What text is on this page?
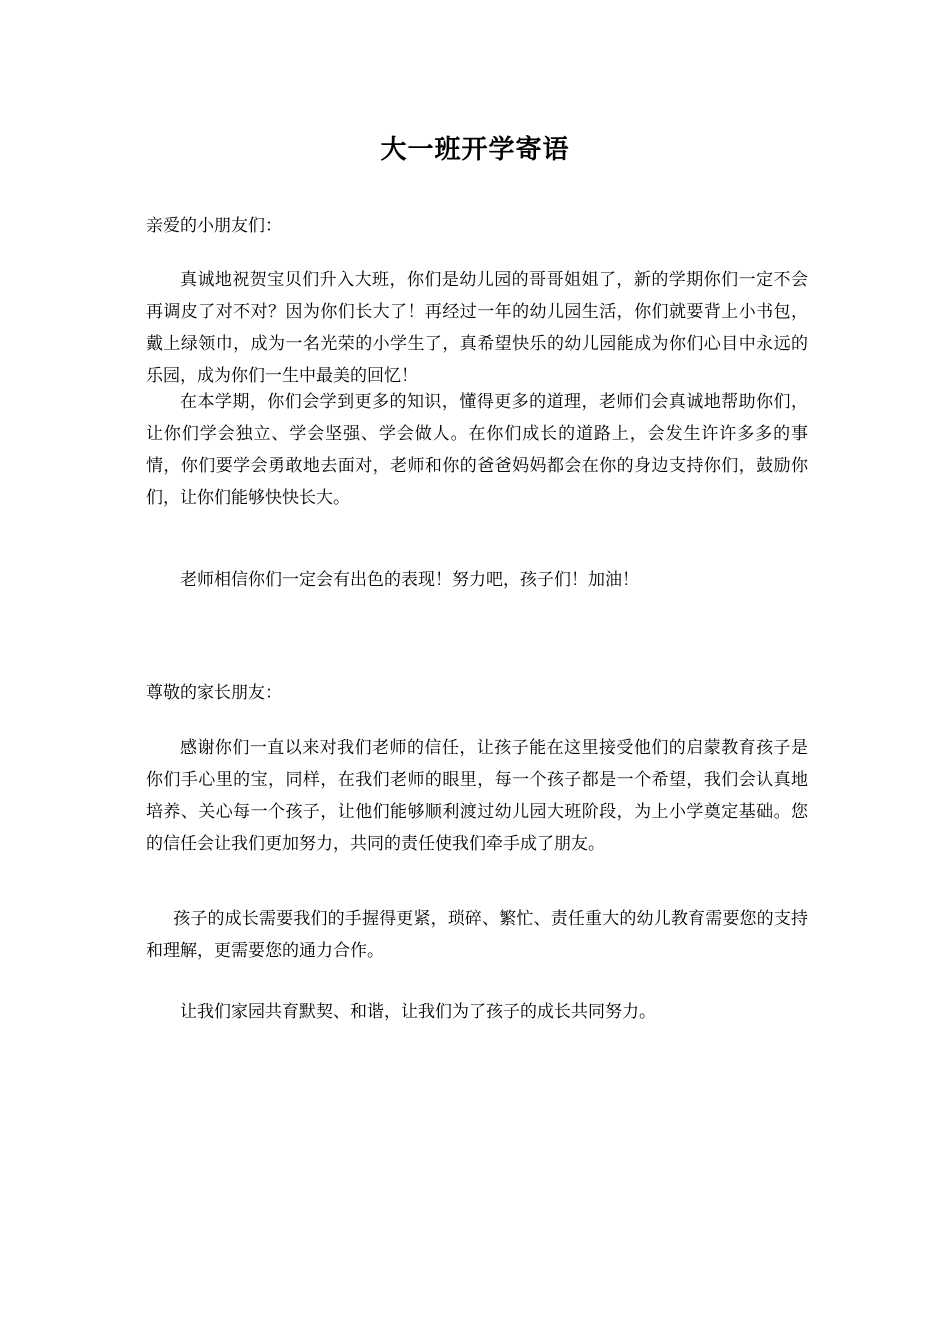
大一班开学寄语
亲爱的小朋友们：

真诚地祝贺宝贝们升入大班，你们是幼儿园的哥哥姐姐了，新的学期你们一定不会再调皮了对不对？因为你们长大了！再经过一年的幼儿园生活，你们就要背上小书包，戴上绿领巾，成为一名光荣的小学生了，真希望快乐的幼儿园能成为你们心目中永远的乐园，成为你们一生中最美的回忆！

在本学期，你们会学到更多的知识，懂得更多的道理，老师们会真诚地帮助你们，让你们学会独立、学会坚强、学会做人。在你们成长的道路上，会发生许许多多的事情，你们要学会勇敢地去面对，老师和你的爸爸妈妈都会在你的身边支持你们，鼓励你们，让你们能够快快长大。

老师相信你们一定会有出色的表现！努力吧，孩子们！加油！

尊敬的家长朋友：

感谢你们一直以来对我们老师的信任，让孩子能在这里接受他们的启蒙教育孩子是你们手心里的宝，同样，在我们老师的眼里，每一个孩子都是一个希望，我们会认真地培养、关心每一个孩子，让他们能够顺利渡过幼儿园大班阶段，为上小学奠定基础。您的信任会让我们更加努力，共同的责任使我们牵手成了朋友。

孩子的成长需要我们的手握得更紧，琐碎、繁忙、责任重大的幼儿教育需要您的支持和理解，更需要您的通力合作。

让我们家园共育默契、和谐，让我们为了孩子的成长共同努力。
